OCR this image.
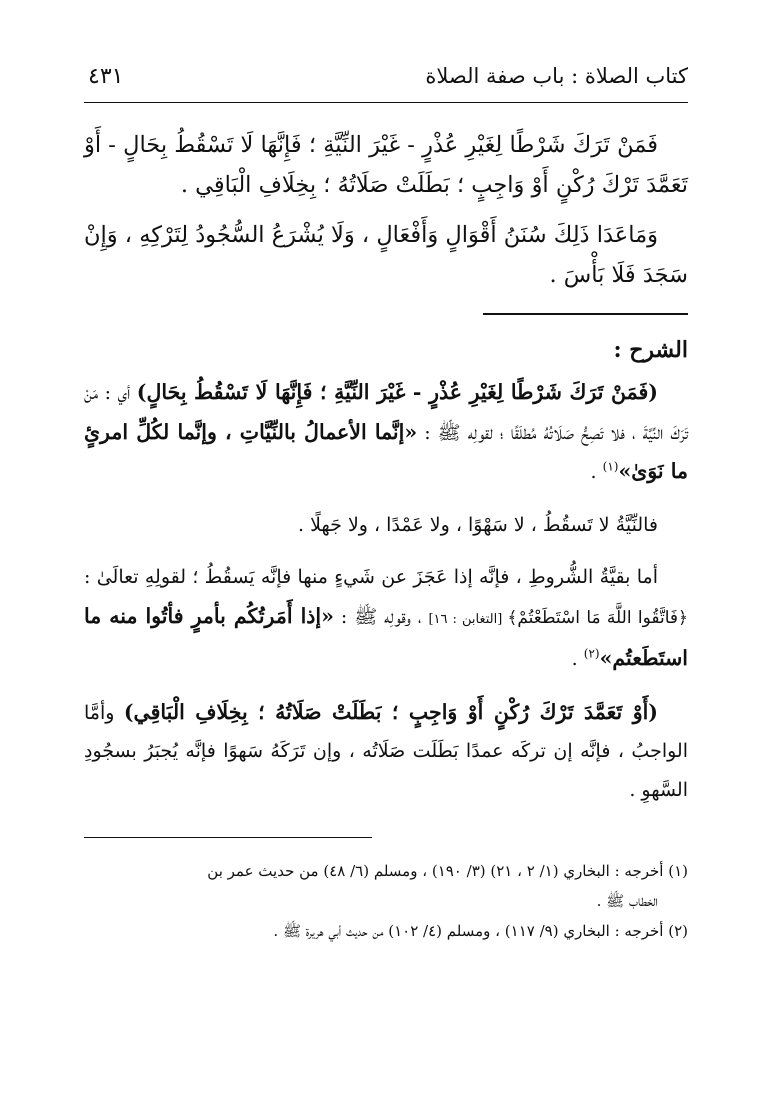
كتاب الصلاة : باب صفة الصلاة
٤٣١

فَمَنْ تَرَكَ شَرْطًا لِغَيْرِ عُذْرٍ - غَيْرَ النِّيَّةِ ؛ فَإِنَّهَا لَا تَسْقُطُ بِحَالٍ - أَوْ تَعَمَّدَ تَرْكَ رُكْنٍ أَوْ وَاجِبٍ ؛ بَطَلَتْ صَلَاتُهُ ؛ بِخِلَافِ الْبَاقِي .

وَمَاعَدَا ذَلِكَ سُنَنُ أَقْوَالٍ وَأَفْعَالٍ ، وَلَا يُشْرَعُ السُّجُودُ لِتَرْكِهِ ، وَإِنْ سَجَدَ فَلَا بَأْسَ .

الشرح :

(فَمَنْ تَرَكَ شَرْطًا لِغَيْرِ عُذْرٍ - غَيْرَ النِّيَّةِ ؛ فَإِنَّهَا لَا تَسْقُطُ بِحَالٍ) أي : مَنْ تَرَكَ النِّيَّةَ ، فلا تَصِحُّ صَلَاتُهُ مُطلَقًا ؛ لقولِه ﷺ : «إنَّما الأعمالُ بالنِّيَّاتِ ، وإنَّما لكُلِّ امرئٍ ما نَوَىٰ»$^{(١)}$ .

فالنِّيَّةُ لا تَسقُطُ ، لا سَهْوًا ، ولا عَمْدًا ، ولا جَهلًا .

أما بقيَّةُ الشُّروطِ ، فإنَّه إذا عَجَزَ عن شَيءٍ منها فإنَّه يَسقُطُ ؛ لقولِهِ تعالَىٰ : ﴿فَاتَّقُوا اللَّهَ مَا اسْتَطَعْتُمْ﴾ [التغابن : ١٦] ، وقولِه ﷺ : «إذا أَمَرتُكُم بأمرٍ فأتُوا منه ما استَطَعتُم»$^{(٢)}$ .

(أَوْ تَعَمَّدَ تَرْكَ رُكْنٍ أَوْ وَاجِبٍ ؛ بَطَلَتْ صَلَاتُهُ ؛ بِخِلَافِ الْبَاقِي) وأمَّا الواجبُ ، فإنَّه إن تركَه عمدًا بَطَلَت صَلَاتُه ، وإن تَرَكَهُ سَهوًا فإنَّه يُجبَرُ بسجُودِ السَّهوِ .

(١) أخرجه : البخاري (١/ ٢ ، ٢١) (٣/ ١٩٠) ، ومسلم (٦/ ٤٨) من حديث عمر بن

الخطاب ﷺ .

(٢) أخرجه : البخاري (٩/ ١١٧) ، ومسلم (٤/ ١٠٢) من حديث أبي هريرة ﷺ .
